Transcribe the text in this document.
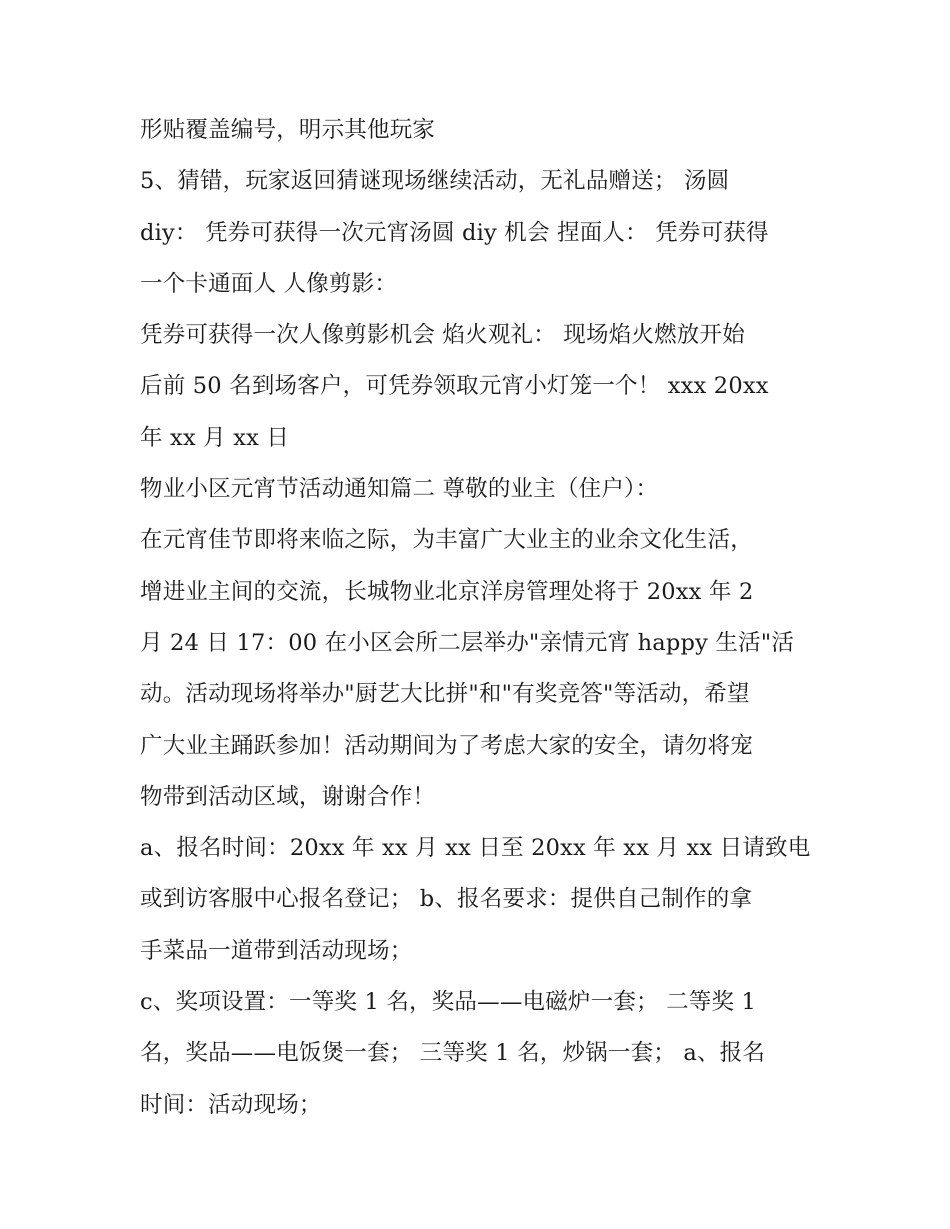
形贴覆盖编号，明示其他玩家
5、猜错，玩家返回猜谜现场继续活动，无礼品赠送； 汤圆
diy： 凭券可获得一次元宵汤圆 diy 机会 捏面人： 凭券可获得
一个卡通面人 人像剪影：
凭券可获得一次人像剪影机会 焰火观礼： 现场焰火燃放开始
后前 50 名到场客户，可凭券领取元宵小灯笼一个！ xxx 20xx
年 xx 月 xx 日
物业小区元宵节活动通知篇二 尊敬的业主（住户）：
在元宵佳节即将来临之际，为丰富广大业主的业余文化生活，
增进业主间的交流，长城物业北京洋房管理处将于 20xx 年 2
月 24 日 17：00 在小区会所二层举办"亲情元宵 happy 生活"活
动。活动现场将举办"厨艺大比拼"和"有奖竞答"等活动，希望
广大业主踊跃参加！活动期间为了考虑大家的安全，请勿将宠
物带到活动区域，谢谢合作！
a、报名时间：20xx 年 xx 月 xx 日至 20xx 年 xx 月 xx 日请致电
或到访客服中心报名登记； b、报名要求：提供自己制作的拿
手菜品一道带到活动现场；
c、奖项设置：一等奖 1 名，奖品——电磁炉一套； 二等奖 1
名，奖品——电饭煲一套； 三等奖 1 名，炒锅一套； a、报名
时间：活动现场；
